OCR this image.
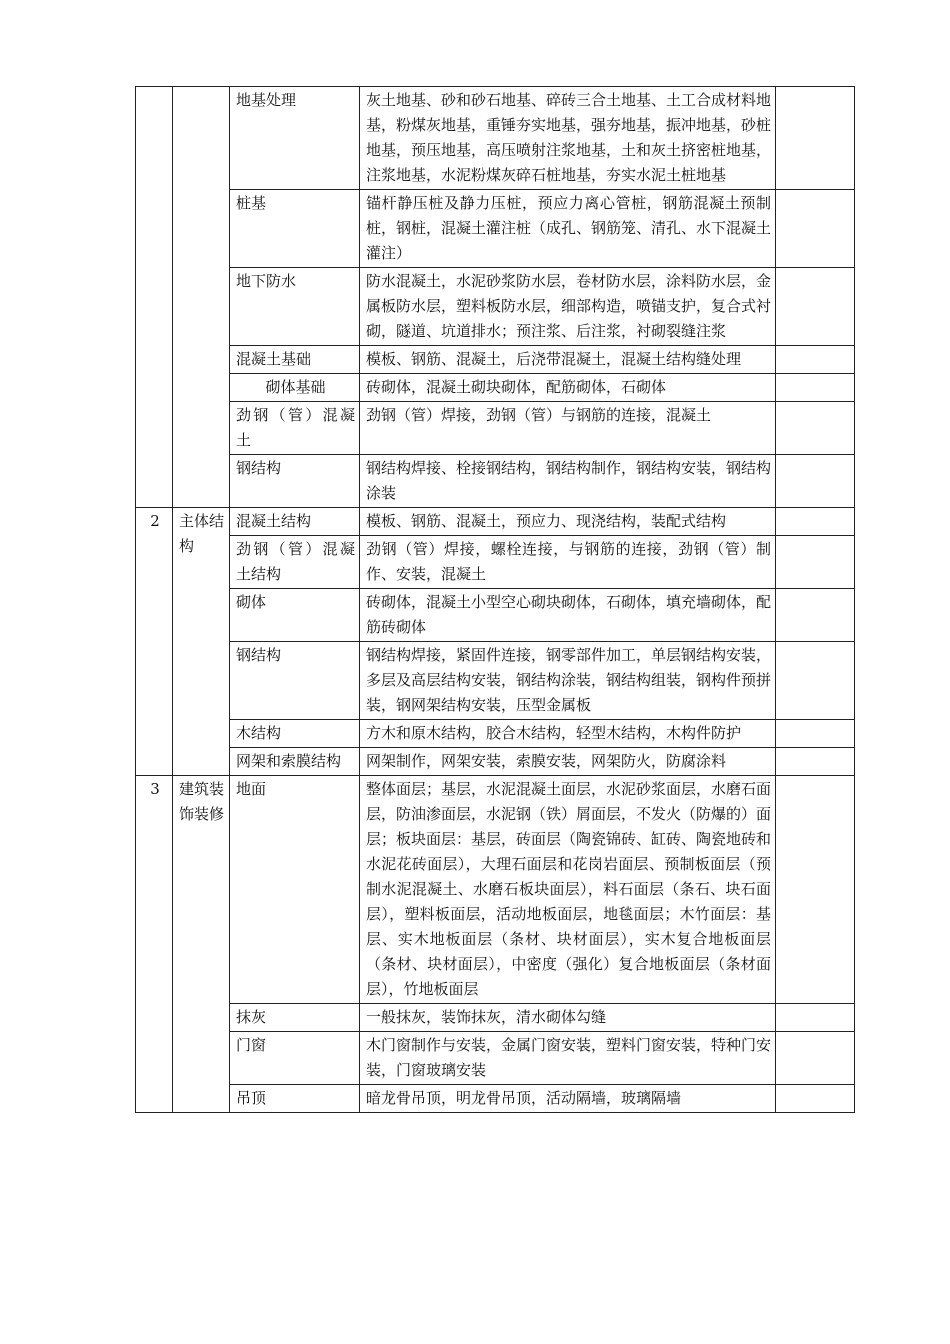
		地基处理	灰土地基、砂和砂石地基、碎砖三合土地基、土工合成材料地基，粉煤灰地基，重锤夯实地基，强夯地基，振冲地基，砂桩地基，预压地基，高压喷射注浆地基，土和灰土挤密桩地基，注浆地基，水泥粉煤灰碎石桩地基，夯实水泥土桩地基	
		桩基	锚杆静压桩及静力压桩，预应力离心管桩，钢筋混凝土预制桩，钢桩，混凝土灌注桩（成孔、钢筋笼、清孔、水下混凝土灌注）	
		地下防水	防水混凝土，水泥砂浆防水层，卷材防水层，涂料防水层，金属板防水层，塑料板防水层，细部构造，喷锚支护，复合式衬砌，隧道、坑道排水；预注浆、后注浆，衬砌裂缝注浆	
		混凝土基础	模板、钢筋、混凝土，后浇带混凝土，混凝土结构缝处理	
		砌体基础	砖砌体，混凝土砌块砌体，配筋砌体，石砌体	
		劲钢（管）混凝土	劲钢（管）焊接，劲钢（管）与钢筋的连接，混凝土	
		钢结构	钢结构焊接、栓接钢结构，钢结构制作，钢结构安装，钢结构涂装	
2	主体结构	混凝土结构	模板、钢筋、混凝土，预应力、现浇结构，装配式结构	
		劲钢（管）混凝土结构	劲钢（管）焊接，螺栓连接，与钢筋的连接，劲钢（管）制作、安装，混凝土	
		砌体	砖砌体，混凝土小型空心砌块砌体，石砌体，填充墙砌体，配筋砖砌体	
		钢结构	钢结构焊接，紧固件连接，钢零部件加工，单层钢结构安装，多层及高层结构安装，钢结构涂装，钢结构组装，钢构件预拼装，钢网架结构安装，压型金属板	
		木结构	方木和原木结构，胶合木结构，轻型木结构，木构件防护	
		网架和索膜结构	网架制作，网架安装，索膜安装，网架防火，防腐涂料	
3	建筑装饰装修	地面	整体面层；基层，水泥混凝土面层，水泥砂浆面层，水磨石面层，防油渗面层，水泥钢（铁）屑面层，不发火（防爆的）面层；板块面层：基层，砖面层（陶瓷锦砖、缸砖、陶瓷地砖和水泥花砖面层），大理石面层和花岗岩面层、预制板面层（预制水泥混凝土、水磨石板块面层），料石面层（条石、块石面层），塑料板面层，活动地板面层，地毯面层；木竹面层：基层、实木地板面层（条材、块材面层），实木复合地板面层（条材、块材面层），中密度（强化）复合地板面层（条材面层），竹地板面层	
		抹灰	一般抹灰，装饰抹灰，清水砌体勾缝	
		门窗	木门窗制作与安装，金属门窗安装，塑料门窗安装，特种门安装，门窗玻璃安装	
		吊顶	暗龙骨吊顶，明龙骨吊顶，活动隔墙，玻璃隔墙	
